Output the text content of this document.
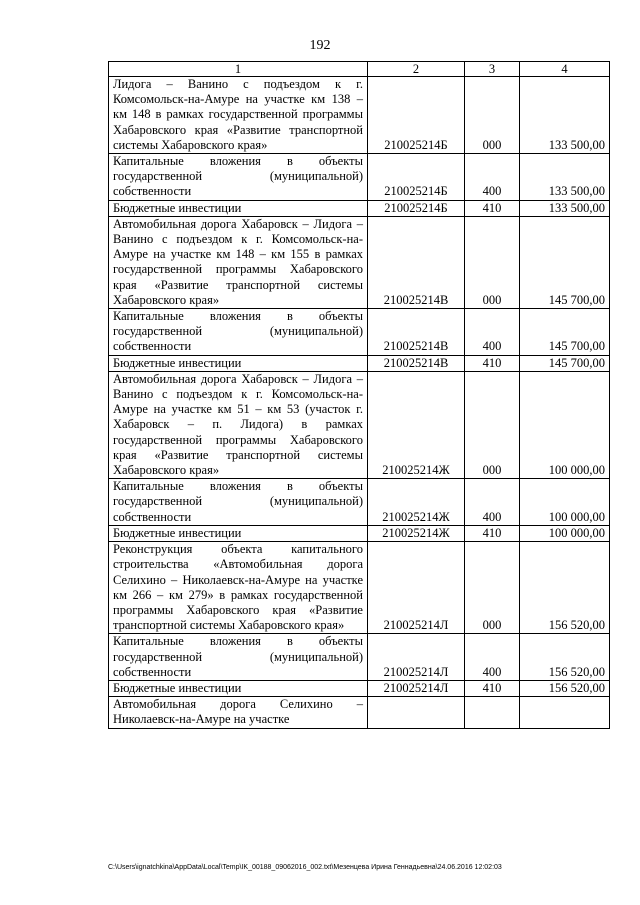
192
1	2	3	4
Лидога – Ванино с подъездом к г. Комсомольск-на-Амуре на участке км 138 – км 148 в рамках государственной программы Хабаровского края «Развитие транспортной системы Хабаровского края»	210025214Б	000	133 500,00
Капитальные вложения в объекты государственной (муниципальной) собственности	210025214Б	400	133 500,00
Бюджетные инвестиции	210025214Б	410	133 500,00
Автомобильная дорога Хабаровск – Лидога – Ванино с подъездом к г. Комсомольск-на-Амуре на участке км 148 – км 155 в рамках государственной программы Хабаровского края «Развитие транспортной системы Хабаровского края»	210025214В	000	145 700,00
Капитальные вложения в объекты государственной (муниципальной) собственности	210025214В	400	145 700,00
Бюджетные инвестиции	210025214В	410	145 700,00
Автомобильная дорога Хабаровск – Лидога – Ванино с подъездом к г. Комсомольск-на-Амуре на участке км 51 – км 53 (участок г. Хабаровск – п. Лидога) в рамках государственной программы Хабаровского края «Развитие транспортной системы Хабаровского края»	210025214Ж	000	100 000,00
Капитальные вложения в объекты государственной (муниципальной) собственности	210025214Ж	400	100 000,00
Бюджетные инвестиции	210025214Ж	410	100 000,00
Реконструкция объекта капитального строительства «Автомобильная дорога Селихино – Николаевск-на-Амуре на участке км 266 – км 279» в рамках государственной программы Хабаровского края «Развитие транспортной системы Хабаровского края»	210025214Л	000	156 520,00
Капитальные вложения в объекты государственной (муниципальной) собственности	210025214Л	400	156 520,00
Бюджетные инвестиции	210025214Л	410	156 520,00
Автомобильная дорога Селихино – Николаевск-на-Амуре на участке			
C:\Users\ignatchkina\AppData\Local\Temp\IK_00188_09062016_002.txt\Мезенцева Ирина Геннадьевна\24.06.2016 12:02:03
